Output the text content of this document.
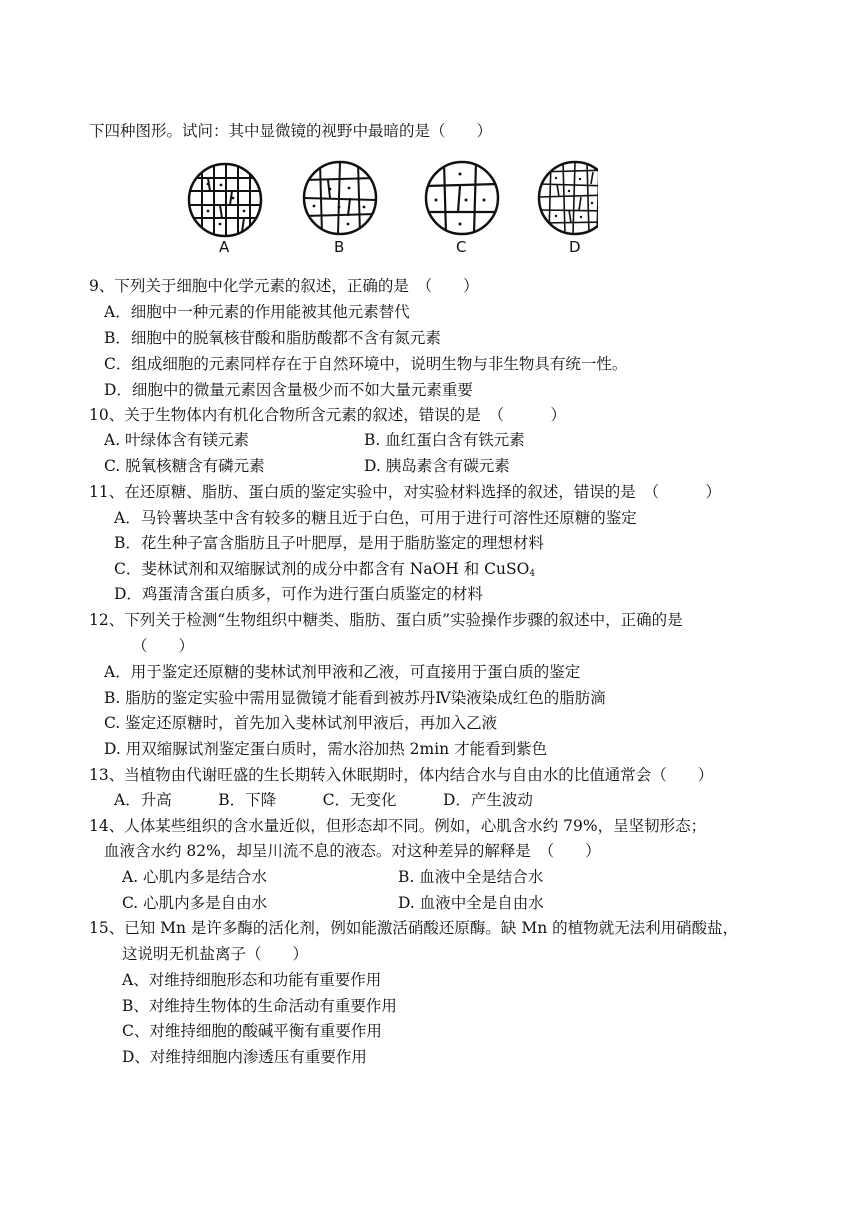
下四种图形。试问：其中显微镜的视野中最暗的是（　　）
A	B	C	D
9、下列关于细胞中化学元素的叙述，正确的是　（　　）
A．细胞中一种元素的作用能被其他元素替代
B．细胞中的脱氧核苷酸和脂肪酸都不含有氮元素
C．组成细胞的元素同样存在于自然环境中，说明生物与非生物具有统一性。
D．细胞中的微量元素因含量极少而不如大量元素重要
10、关于生物体内有机化合物所含元素的叙述，错误的是　（　　　）
A. 叶绿体含有镁元素	B. 血红蛋白含有铁元素
C. 脱氧核糖含有磷元素	D. 胰岛素含有碳元素
11、在还原糖、脂肪、蛋白质的鉴定实验中，对实验材料选择的叙述，错误的是　（　　　）
A．马铃薯块茎中含有较多的糖且近于白色，可用于进行可溶性还原糖的鉴定
B．花生种子富含脂肪且子叶肥厚，是用于脂肪鉴定的理想材料
C．斐林试剂和双缩脲试剂的成分中都含有 NaOH 和 CuSO$_4$
D．鸡蛋清含蛋白质多，可作为进行蛋白质鉴定的材料
12、下列关于检测“生物组织中糖类、脂肪、蛋白质”实验操作步骤的叙述中，正确的是
（　　）
A．用于鉴定还原糖的斐林试剂甲液和乙液，可直接用于蛋白质的鉴定
B. 脂肪的鉴定实验中需用显微镜才能看到被苏丹Ⅳ染液染成红色的脂肪滴
C. 鉴定还原糖时，首先加入斐林试剂甲液后，再加入乙液
D. 用双缩脲试剂鉴定蛋白质时，需水浴加热 2min 才能看到紫色
13、当植物由代谢旺盛的生长期转入休眠期时，体内结合水与自由水的比值通常会（　　）
A．升高　　　B．下降　　　C．无变化　　　D．产生波动
14、人体某些组织的含水量近似，但形态却不同。例如，心肌含水约 79%，呈坚韧形态；
血液含水约 82%，却呈川流不息的液态。对这种差异的解释是　（　　）
A. 心肌内多是结合水	B. 血液中全是结合水
C. 心肌内多是自由水	D. 血液中全是自由水
15、已知 Mn 是许多酶的活化剂，例如能激活硝酸还原酶。缺 Mn 的植物就无法利用硝酸盐，
这说明无机盐离子（　　）
A、对维持细胞形态和功能有重要作用
B、对维持生物体的生命活动有重要作用
C、对维持细胞的酸碱平衡有重要作用
D、对维持细胞内渗透压有重要作用
